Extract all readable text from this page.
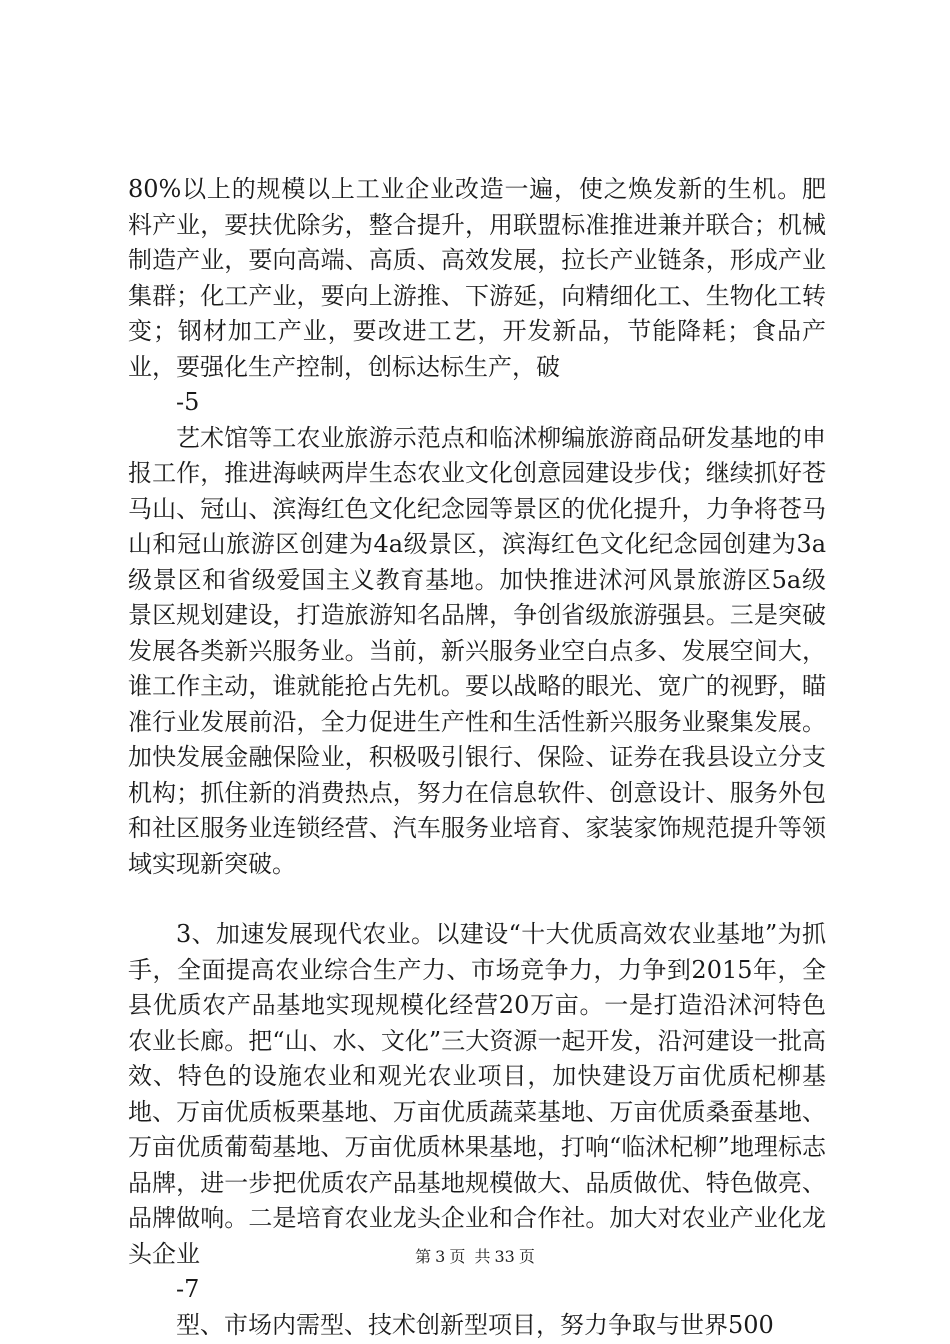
80%以上的规模以上工业企业改造一遍，使之焕发新的生机。肥料产业，要扶优除劣，整合提升，用联盟标准推进兼并联合；机械制造产业，要向高端、高质、高效发展，拉长产业链条，形成产业集群；化工产业，要向上游推、下游延，向精细化工、生物化工转变；钢材加工产业，要改进工艺，开发新品，节能降耗；食品产业，要强化生产控制，创标达标生产，破

-5

艺术馆等工农业旅游示范点和临沭柳编旅游商品研发基地的申报工作，推进海峡两岸生态农业文化创意园建设步伐；继续抓好苍马山、冠山、滨海红色文化纪念园等景区的优化提升，力争将苍马山和冠山旅游区创建为4a级景区，滨海红色文化纪念园创建为3a级景区和省级爱国主义教育基地。加快推进沭河风景旅游区5a级景区规划建设，打造旅游知名品牌，争创省级旅游强县。三是突破发展各类新兴服务业。当前，新兴服务业空白点多、发展空间大，谁工作主动，谁就能抢占先机。要以战略的眼光、宽广的视野，瞄准行业发展前沿，全力促进生产性和生活性新兴服务业聚集发展。加快发展金融保险业，积极吸引银行、保险、证券在我县设立分支机构；抓住新的消费热点，努力在信息软件、创意设计、服务外包和社区服务业连锁经营、汽车服务业培育、家装家饰规范提升等领域实现新突破。

3、加速发展现代农业。以建设“十大优质高效农业基地”为抓手，全面提高农业综合生产力、市场竞争力，力争到2015年，全县优质农产品基地实现规模化经营20万亩。一是打造沿沭河特色农业长廊。把“山、水、文化”三大资源一起开发，沿河建设一批高效、特色的设施农业和观光农业项目，加快建设万亩优质杞柳基地、万亩优质板栗基地、万亩优质蔬菜基地、万亩优质桑蚕基地、万亩优质葡萄基地、万亩优质林果基地，打响“临沭杞柳”地理标志品牌，进一步把优质农产品基地规模做大、品质做优、特色做亮、品牌做响。二是培育农业龙头企业和合作社。加大对农业产业化龙头企业

-7

型、市场内需型、技术创新型项目，努力争取与世界500

第 3 页 共 33 页
